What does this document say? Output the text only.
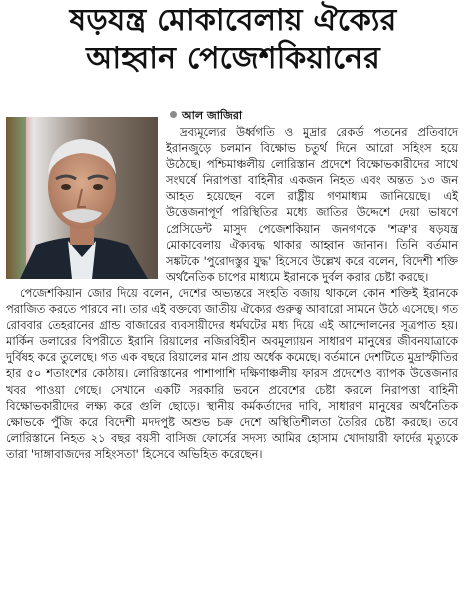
ষড়যন্ত্র মোকাবেলায় ঐক্যের
আহ্বান পেজেশকিয়ানের
আল জাজিরা

দ্রব্যমূল্যের উর্ধ্বগতি ও মুদ্রার রেকর্ড পতনের প্রতিবাদে ইরানজুড়ে চলমান বিক্ষোভ চতুর্থ দিনে আরো সহিংস হয়ে উঠেছে। পশ্চিমাঞ্চলীয় লোরিস্তান প্রদেশে বিক্ষোভকারীদের সাথে সংঘর্ষে নিরাপত্তা বাহিনীর একজন নিহত এবং অন্তত ১৩ জন আহত হয়েছেন বলে রাষ্ট্রীয় গণমাধ্যম জানিয়েছে। এই উত্তেজনাপূর্ণ পরিস্থিতির মধ্যে জাতির উদ্দেশে দেয়া ভাষণে প্রেসিডেন্ট মাসুদ পেজেশকিয়ান জনগণকে 'শত্রু'র ষড়যন্ত্র মোকাবেলায় ঐক্যবদ্ধ থাকার আহ্বান জানান। তিনি বর্তমান সঙ্কটকে 'পুরোদস্তুর যুদ্ধ' হিসেবে উল্লেখ করে বলেন, বিদেশী শক্তি অর্থনৈতিক চাপের মাধ্যমে ইরানকে দুর্বল করার চেষ্টা করছে।

পেজেশকিয়ান জোর দিয়ে বলেন, দেশের অভ্যন্তরে সংহতি বজায় থাকলে কোন শক্তিই ইরানকে পরাজিত করতে পারবে না। তার এই বক্তব্যে জাতীয় ঐক্যের গুরুত্ব আবারো সামনে উঠে এসেছে। গত রোববার তেহরানের গ্রান্ড বাজারের ব্যবসায়ীদের ধর্মঘটের মধ্য দিয়ে এই আন্দোলনের সূত্রপাত হয়। মার্কিন ডলারের বিপরীতে ইরানি রিয়ালের নজিরবিহীন অবমূল্যায়ন সাধারণ মানুষের জীবনযাত্রাকে দুর্বিষহ করে তুলেছে। গত এক বছরে রিয়ালের মান প্রায় অর্ধেক কমেছে। বর্তমানে দেশটিতে মুদ্রাস্ফীতির হার ৫০ শতাংশের কোঠায়। লোরিস্তানের পাশাপাশি দক্ষিণাঞ্চলীয় ফারস প্রদেশেও ব্যাপক উত্তেজনার খবর পাওয়া গেছে। সেখানে একটি সরকারি ভবনে প্রবেশের চেষ্টা করলে নিরাপত্তা বাহিনী বিক্ষোভকারীদের লক্ষ্য করে গুলি ছোড়ে। স্থানীয় কর্মকর্তাদের দাবি, সাধারণ মানুষের অর্থনৈতিক ক্ষোভকে পুঁজি করে বিদেশী মদদপুষ্ট অশুভ চক্র দেশে অস্থিতিশীলতা তৈরির চেষ্টা করছে। তবে লোরিস্তানে নিহত ২১ বছর বয়সী বাসিজ ফোর্সের সদস্য আমির হোসাম খোদায়ারী ফার্দের মৃত্যুকে তারা 'দাঙ্গাবাজদের সহিংসতা' হিসেবে অভিহিত করেছেন।
